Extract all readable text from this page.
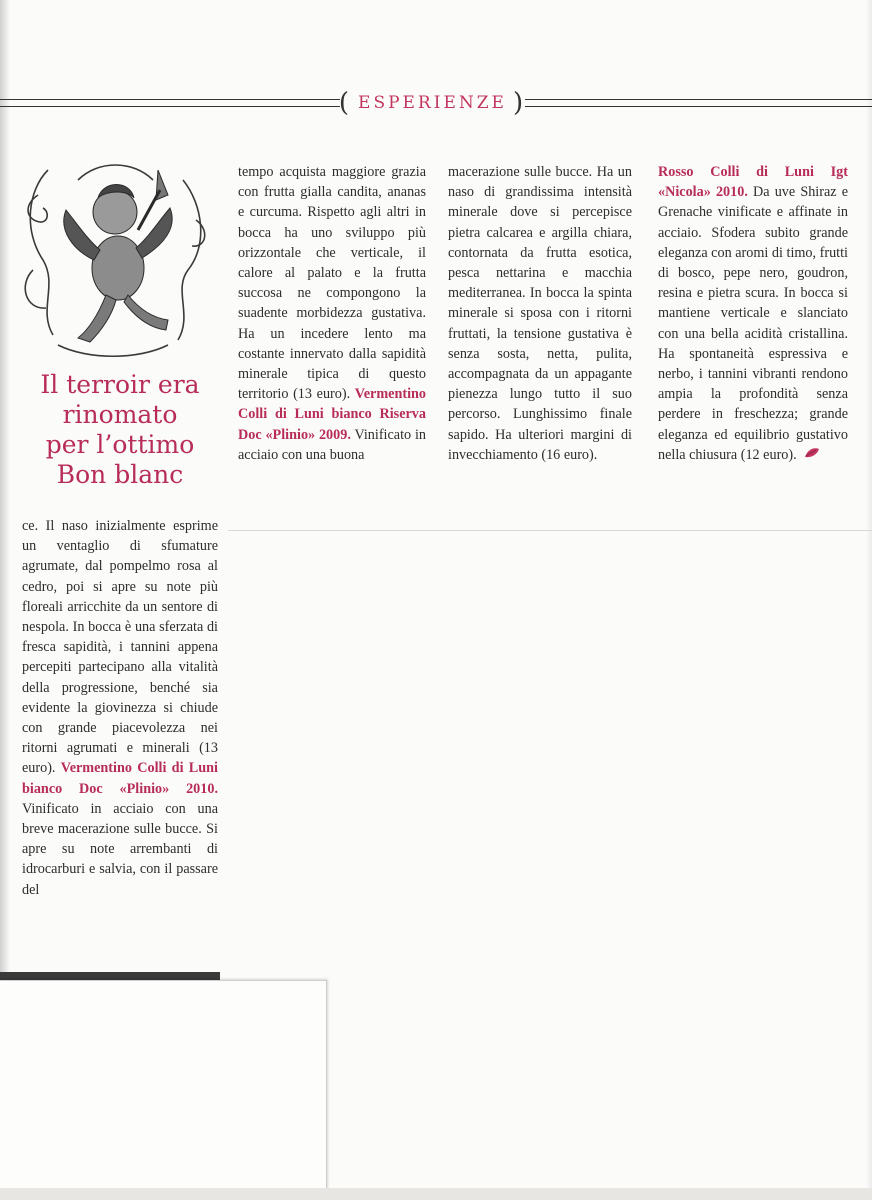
( ESPERIENZE )
Il terroir era
rinomato
per l’ottimo
Bon blanc

ce. Il naso inizialmente esprime un ventaglio di sfumature agrumate, dal pompelmo rosa al cedro, poi si apre su note più floreali arricchite da un sentore di nespola. In bocca è una sferzata di fresca sapidità, i tannini appena percepiti partecipano alla vitalità della progressione, benché sia evidente la giovinezza si chiude con grande piacevolezza nei ritorni agrumati e minerali (13 euro). Vermentino Colli di Luni bianco Doc «Plinio» 2010. Vinificato in acciaio con una breve macerazione sulle bucce. Si apre su note arrembanti di idrocarburi e salvia, con il passare del

tempo acquista maggiore grazia con frutta gialla candita, ananas e curcuma. Rispetto agli altri in bocca ha uno sviluppo più orizzontale che verticale, il calore al palato e la frutta succosa ne compongono la suadente morbidezza gustativa. Ha un incedere lento ma costante innervato dalla sapidità minerale tipica di questo territorio (13 euro). Vermentino Colli di Luni bianco Riserva Doc «Plinio» 2009. Vinificato in acciaio con una buona

macerazione sulle bucce. Ha un naso di grandissima intensità minerale dove si percepisce pietra calcarea e argilla chiara, contornata da frutta esotica, pesca nettarina e macchia mediterranea. In bocca la spinta minerale si sposa con i ritorni fruttati, la tensione gustativa è senza sosta, netta, pulita, accompagnata da un appagante pienezza lungo tutto il suo percorso. Lunghissimo finale sapido. Ha ulteriori margini di invecchiamento (16 euro).

Rosso Colli di Luni Igt «Nicola» 2010. Da uve Shiraz e Grenache vinificate e affinate in acciaio. Sfodera subito grande eleganza con aromi di timo, frutti di bosco, pepe nero, goudron, resina e pietra scura. In bocca si mantiene verticale e slanciato con una bella acidità cristallina. Ha spontaneità espressiva e nerbo, i tannini vibranti rendono ampia la profondità senza perdere in freschezza; grande eleganza ed equilibrio gustativo nella chiusura (12 euro).
